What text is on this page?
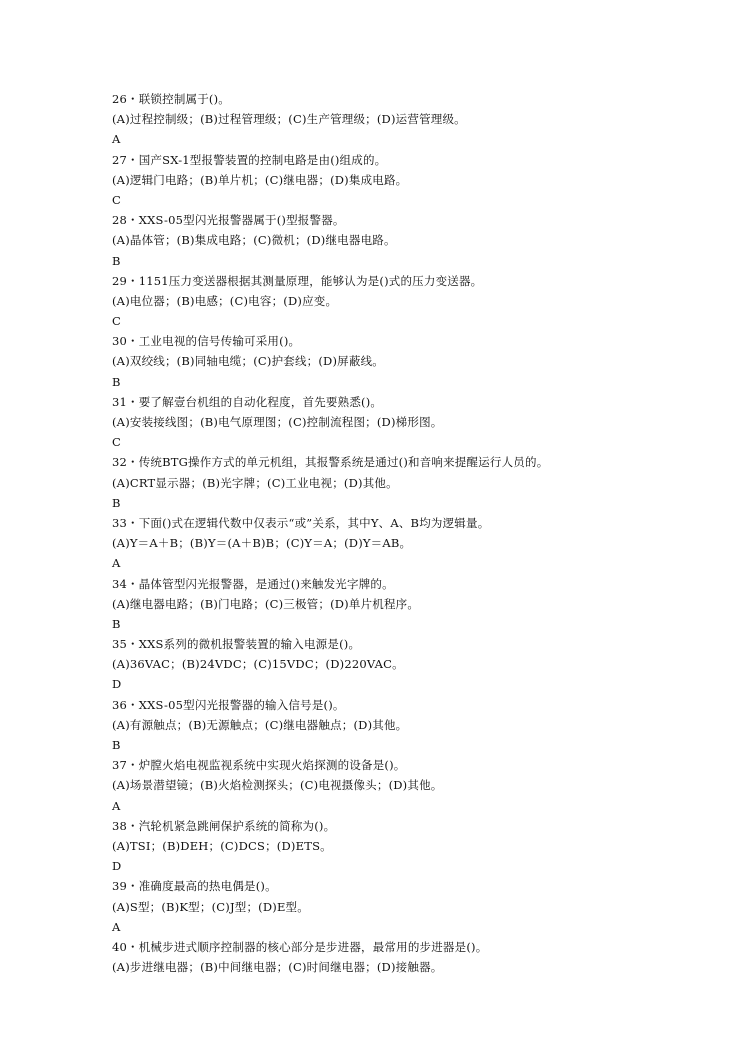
26・联锁控制属于()。
(A)过程控制级；(B)过程管理级；(C)生产管理级；(D)运营管理级。
A
27・国产SX-1型报警装置的控制电路是由()组成的。
(A)逻辑门电路；(B)单片机；(C)继电器；(D)集成电路。
C
28・XXS-05型闪光报警器属于()型报警器。
(A)晶体管；(B)集成电路；(C)微机；(D)继电器电路。
B
29・1151压力变送器根据其测量原理，能够认为是()式的压力变送器。
(A)电位器；(B)电感；(C)电容；(D)应变。
C
30・工业电视的信号传输可采用()。
(A)双绞线；(B)同轴电缆；(C)护套线；(D)屏蔽线。
B
31・要了解壹台机组的自动化程度，首先要熟悉()。
(A)安装接线图；(B)电气原理图；(C)控制流程图；(D)梯形图。
C
32・传统BTG操作方式的单元机组，其报警系统是通过()和音响来提醒运行人员的。
(A)CRT显示器；(B)光字牌；(C)工业电视；(D)其他。
B
33・下面()式在逻辑代数中仅表示“或”关系，其中Y、A、B均为逻辑量。
(A)Y＝A＋B；(B)Y＝(A＋B)B；(C)Y＝A；(D)Y＝AB。
A
34・晶体管型闪光报警器，是通过()来触发光字牌的。
(A)继电器电路；(B)门电路；(C)三极管；(D)单片机程序。
B
35・XXS系列的微机报警装置的输入电源是()。
(A)36VAC；(B)24VDC；(C)15VDC；(D)220VAC。
D
36・XXS-05型闪光报警器的输入信号是()。
(A)有源触点；(B)无源触点；(C)继电器触点；(D)其他。
B
37・炉膛火焰电视监视系统中实现火焰探测的设备是()。
(A)场景潜望镜；(B)火焰检测探头；(C)电视摄像头；(D)其他。
A
38・汽轮机紧急跳闸保护系统的简称为()。
(A)TSI；(B)DEH；(C)DCS；(D)ETS。
D
39・准确度最高的热电偶是()。
(A)S型；(B)K型；(C)J型；(D)E型。
A
40・机械步进式顺序控制器的核心部分是步进器，最常用的步进器是()。
(A)步进继电器；(B)中间继电器；(C)时间继电器；(D)接触器。
